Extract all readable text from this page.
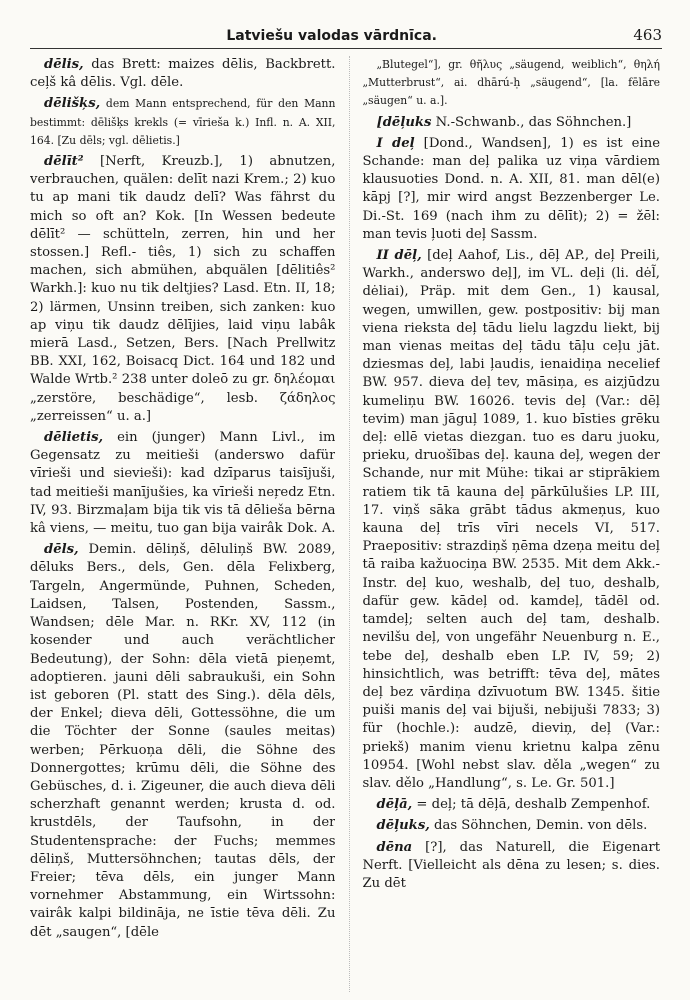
Latviešu valodas vārdnīca.	463

dēlis, das Brett: maizes dēlis, Backbrett. cel̦š kâ dēlis. Vgl. dēle.

dēlišķs, dem Mann entsprechend, für den Mann bestimmt: dēlišķs krekls (= vīrieša k.) Infl. n. A. XII, 164. [Zu dēls; vgl. dēlietis.]

dēlīt² [Nerft, Kreuzb.], 1) abnutzen, verbrauchen, quälen: delīt nazi Krem.; 2) kuo tu ap mani tik daudz delī? Was fährst du mich so oft an? Kok. [In Wessen bedeute dēlīt² — schütteln, zerren, hin und her stossen.] Refl.- tiês, 1) sich zu schaffen machen, sich abmühen, abquälen [dēlitiês² Warkh.]: kuo nu tik deltjies? Lasd. Etn. II, 18; 2) lärmen, Unsinn treiben, sich zanken: kuo ap viņu tik daudz dēlījies, laid viņu labâk mierā Lasd., Setzen, Bers. [Nach Prellwitz BB. XXI, 162, Boisacq Dict. 164 und 182 und Walde Wrtb.² 238 unter doleō zu gr. δηλέομαι „zerstöre, beschädige“, lesb. ζάδηλος „zerreissen“ u. a.]

dēlietis, ein (junger) Mann Livl., im Gegensatz zu meitieši (anderswo dafür vīrieši und sievieši): kad dzīparus taisījuši, tad meitieši manījušies, ka vīrieši neŗedz Etn. IV, 93. Birzmaļam bija tik vis tā dēlieša bērna kâ viens, — meitu, tuo gan bija vairâk Dok. A.

dēls, Demin. dēliņš, dēluliņš BW. 2089, dēluks Bers., dels, Gen. dēla Felixberg, Targeln, Angermünde, Puhnen, Scheden, Laidsen, Talsen, Postenden, Sassm., Wandsen; dēle Mar. n. RKr. XV, 112 (in kosender und auch verächtlicher Bedeutung), der Sohn: dēla vietā pieņemt, adoptieren. jauni dēli sabraukuši, ein Sohn ist geboren (Pl. statt des Sing.). dēla dēls, der Enkel; dieva dēli, Gottessöhne, die um die Töchter der Sonne (saules meitas) werben; Pērkuoņa dēli, die Söhne des Donnergottes; krūmu dēli, die Söhne des Gebüsches, d. i. Zigeuner, die auch dieva dēli scherzhaft genannt werden; krusta d. od. krustdēls, der Taufsohn, in der Studentensprache: der Fuchs; memmes dēliņš, Muttersöhnchen; tautas dēls, der Freier; tēva dēls, ein junger Mann vornehmer Abstammung, ein Wirtssohn: vairâk kalpi bildināja, ne īstie tēva dēli. Zu dēt „saugen“, [dēle

„Blutegel“], gr. θῆλυς „säugend, weiblich“, θηλή „Mutterbrust“, ai. dhārú-ḥ „säugend“, [la. fēlāre „säugen“ u. a.].

[dēļuks N.-Schwanb., das Söhnchen.]

I deļ [Dond., Wandsen], 1) es ist eine Schande: man deļ palika uz viņa vārdiem klausuoties Dond. n. A. XII, 81. man dēl(e) kāpj [?], mir wird angst Bezzenberger Le. Di.-St. 169 (nach ihm zu dēlīt); 2) = žēl: man tevis ļuoti deļ Sassm.

II dēļ, [deļ Aahof, Lis., dēļ AP., deļ Preili, Warkh., anderswo deļ], im VL. deļi (li. dėl̃, dėliai), Präp. mit dem Gen., 1) kausal, wegen, umwillen, gew. postpositiv: bij man viena rieksta deļ tādu lielu lagzdu liekt, bij man vienas meitas deļ tādu tāļu ceļu jāt. dziesmas deļ, labi ļaudis, ienaidiņa necelief BW. 957. dieva deļ tev, māsiņa, es aizjūdzu kumeliņu BW. 16026. tevis deļ (Var.: dēļ tevim) man jāguļ 1089, 1. kuo bīsties grēku deļ: ellē vietas diezgan. tuo es daru juoku, prieku, druošības deļ. kauna deļ, wegen der Schande, nur mit Mühe: tikai ar stiprākiem ratiem tik tā kauna deļ pārkūlušies LP. III, 17. viņš sāka grābt tādus akmeņus, kuo kauna deļ trīs vīri necels VI, 517. Praepositiv: strazdiņš ņēma dzeņa meitu deļ tā raiba kažuociņa BW. 2535. Mit dem Akk.-Instr. deļ kuo, weshalb, deļ tuo, deshalb, dafür gew. kādeļ od. kamdeļ, tādēl od. tamdeļ; selten auch deļ tam, deshalb. nevilšu deļ, von ungefähr Neuenburg n. E., tebe deļ, deshalb eben LP. IV, 59; 2) hinsichtlich, was betrifft: tēva deļ, mātes deļ bez vārdiņa dzīvuotum BW. 1345. šitie puiši manis deļ vai bijuši, nebijuši 7833; 3) für (hochle.): audzē, dieviņ, deļ (Var.: priekš) manim vienu krietnu kalpa zēnu 10954. [Wohl nebst slav. dělа „wegen“ zu slav. dělo „Handlung“, s. Le. Gr. 501.]

dēļā, = deļ; tā dēļā, deshalb Zempenhof.

dēļuks, das Söhnchen, Demin. von dēls.

dēna [?], das Naturell, die Eigenart Nerft. [Vielleicht als dēna zu lesen; s. dies. Zu dēt
